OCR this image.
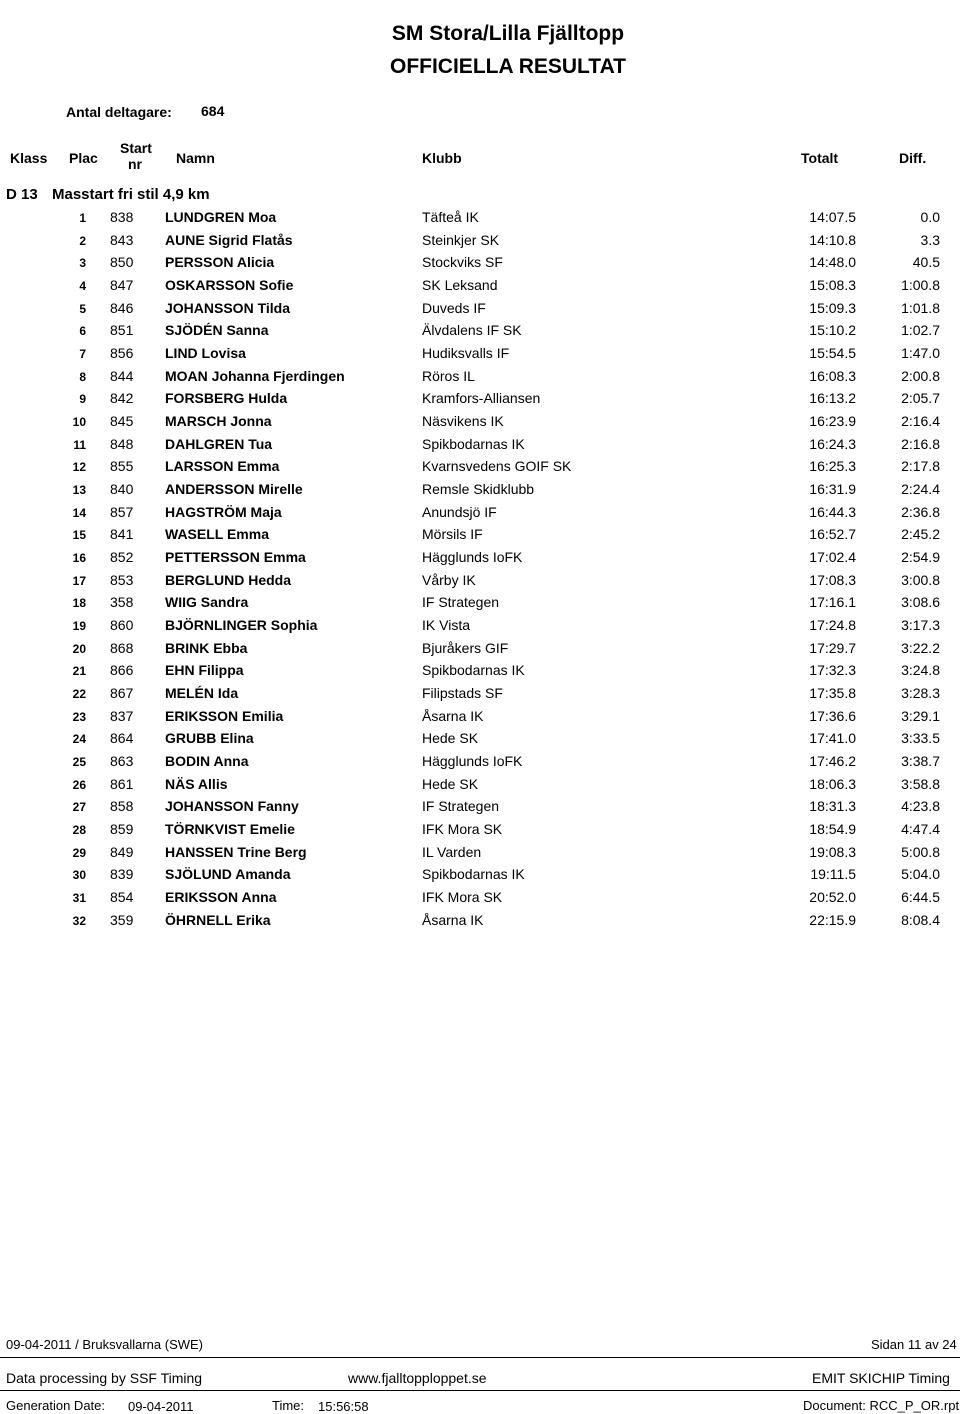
SM Stora/Lilla Fjälltopp
OFFICIELLA RESULTAT
Antal deltagare: 684
Klass Plac
Start
nr Namn	Klubb	Totalt	Diff.
D 13 Masstart fri stil 4,9 km
1 838 LUNDGREN Moa	Täfteå IK	14:07.5	0.0
2 843 AUNE Sigrid Flatås	Steinkjer SK	14:10.8	3.3
3 850 PERSSON Alicia	Stockviks SF	14:48.0	40.5
4 847 OSKARSSON Sofie	SK Leksand	15:08.3	1:00.8
5 846 JOHANSSON Tilda	Duveds IF	15:09.3	1:01.8
6 851 SJÖDÉN Sanna	Älvdalens IF SK	15:10.2	1:02.7
7 856 LIND Lovisa	Hudiksvalls IF	15:54.5	1:47.0
8 844 MOAN Johanna Fjerdingen	Röros IL	16:08.3	2:00.8
9 842 FORSBERG Hulda	Kramfors-Alliansen	16:13.2	2:05.7
10 845 MARSCH Jonna	Näsvikens IK	16:23.9	2:16.4
11 848 DAHLGREN Tua	Spikbodarnas IK	16:24.3	2:16.8
12 855 LARSSON Emma	Kvarnsvedens GOIF SK	16:25.3	2:17.8
13 840 ANDERSSON Mirelle	Remsle Skidklubb	16:31.9	2:24.4
14 857 HAGSTRÖM Maja	Anundsjö IF	16:44.3	2:36.8
15 841 WASELL Emma	Mörsils IF	16:52.7	2:45.2
16 852 PETTERSSON Emma	Hägglunds IoFK	17:02.4	2:54.9
17 853 BERGLUND Hedda	Vårby IK	17:08.3	3:00.8
18 358 WIIG Sandra	IF Strategen	17:16.1	3:08.6
19 860 BJÖRNLINGER Sophia	IK Vista	17:24.8	3:17.3
20 868 BRINK Ebba	Bjuråkers GIF	17:29.7	3:22.2
21 866 EHN Filippa	Spikbodarnas IK	17:32.3	3:24.8
22 867 MELÉN Ida	Filipstads SF	17:35.8	3:28.3
23 837 ERIKSSON Emilia	Åsarna IK	17:36.6	3:29.1
24 864 GRUBB Elina	Hede SK	17:41.0	3:33.5
25 863 BODIN Anna	Hägglunds IoFK	17:46.2	3:38.7
26 861 NÄS Allis	Hede SK	18:06.3	3:58.8
27 858 JOHANSSON Fanny	IF Strategen	18:31.3	4:23.8
28 859 TÖRNKVIST Emelie	IFK Mora SK	18:54.9	4:47.4
29 849 HANSSEN Trine Berg	IL Varden	19:08.3	5:00.8
30 839 SJÖLUND Amanda	Spikbodarnas IK	19:11.5	5:04.0
31 854 ERIKSSON Anna	IFK Mora SK	20:52.0	6:44.5
32 359 ÖHRNELL Erika	Åsarna IK	22:15.9	8:08.4
09-04-2011 / Bruksvallarna (SWE)	Sidan 11 av 24
Data processing by SSF Timing	www.fjalltopploppet.se	EMIT SKICHIP Timing
Generation Date: 09-04-2011	Time: 15:56:58	Document: RCC_P_OR.rpt
